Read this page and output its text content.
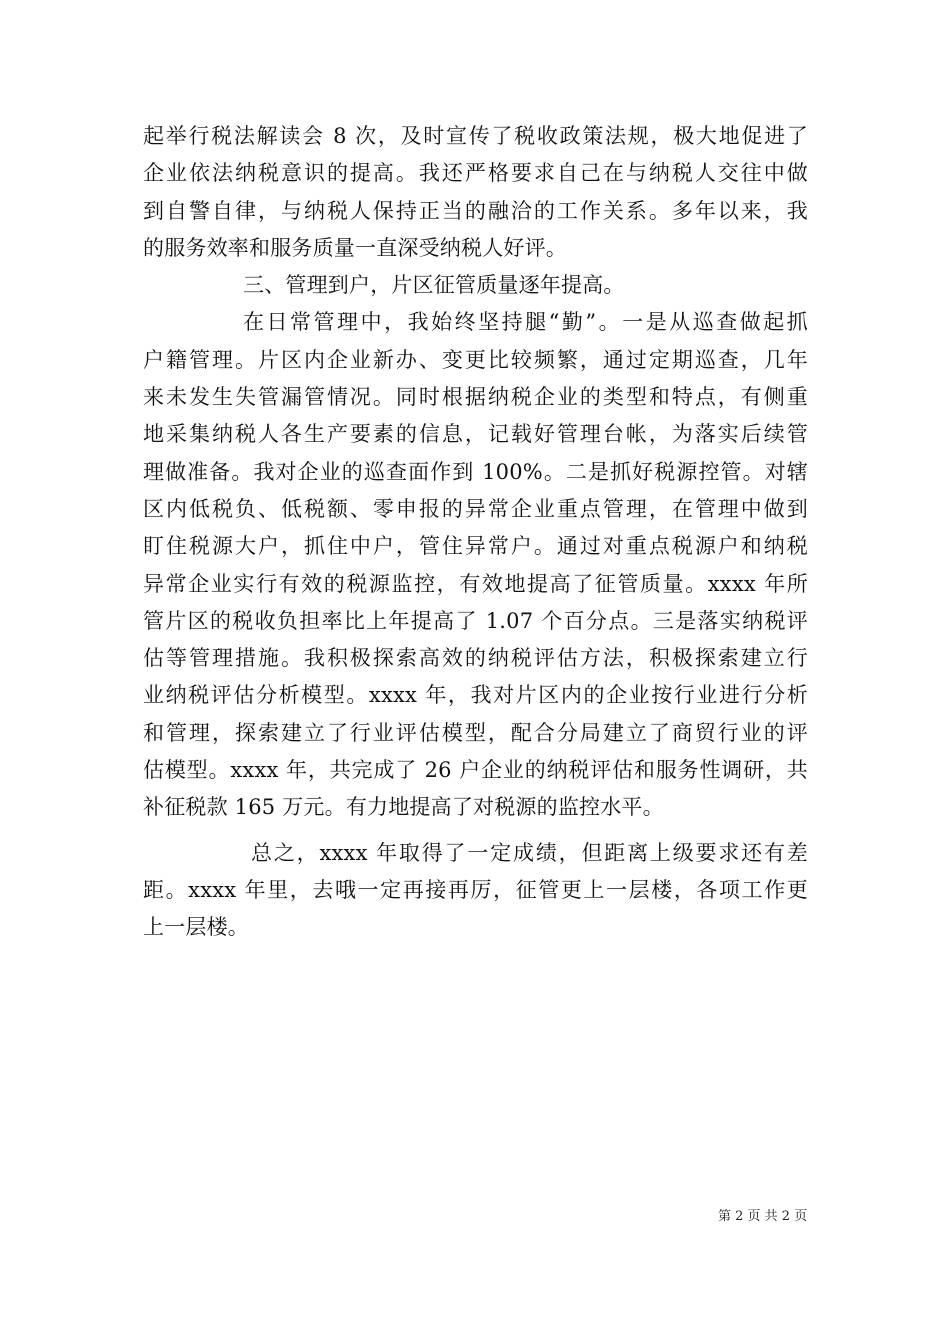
起举行税法解读会 8 次，及时宣传了税收政策法规，极大地促进了
企业依法纳税意识的提高。我还严格要求自己在与纳税人交往中做
到自警自律，与纳税人保持正当的融洽的工作关系。多年以来，我
的服务效率和服务质量一直深受纳税人好评。
三、管理到户，片区征管质量逐年提高。
在日常管理中，我始终坚持腿“勤”。一是从巡查做起抓
户籍管理。片区内企业新办、变更比较频繁，通过定期巡查，几年
来未发生失管漏管情况。同时根据纳税企业的类型和特点，有侧重
地采集纳税人各生产要素的信息，记载好管理台帐，为落实后续管
理做准备。我对企业的巡查面作到 100%。二是抓好税源控管。对辖
区内低税负、低税额、零申报的异常企业重点管理，在管理中做到
盯住税源大户，抓住中户，管住异常户。通过对重点税源户和纳税
异常企业实行有效的税源监控，有效地提高了征管质量。xxxx 年所
管片区的税收负担率比上年提高了 1.07 个百分点。三是落实纳税评
估等管理措施。我积极探索高效的纳税评估方法，积极探索建立行
业纳税评估分析模型。xxxx 年，我对片区内的企业按行业进行分析
和管理，探索建立了行业评估模型，配合分局建立了商贸行业的评
估模型。xxxx 年，共完成了 26 户企业的纳税评估和服务性调研，共
补征税款 165 万元。有力地提高了对税源的监控水平。
总之，xxxx 年取得了一定成绩，但距离上级要求还有差
距。xxxx 年里，去哦一定再接再厉，征管更上一层楼，各项工作更
上一层楼。
第 2 页 共 2 页
